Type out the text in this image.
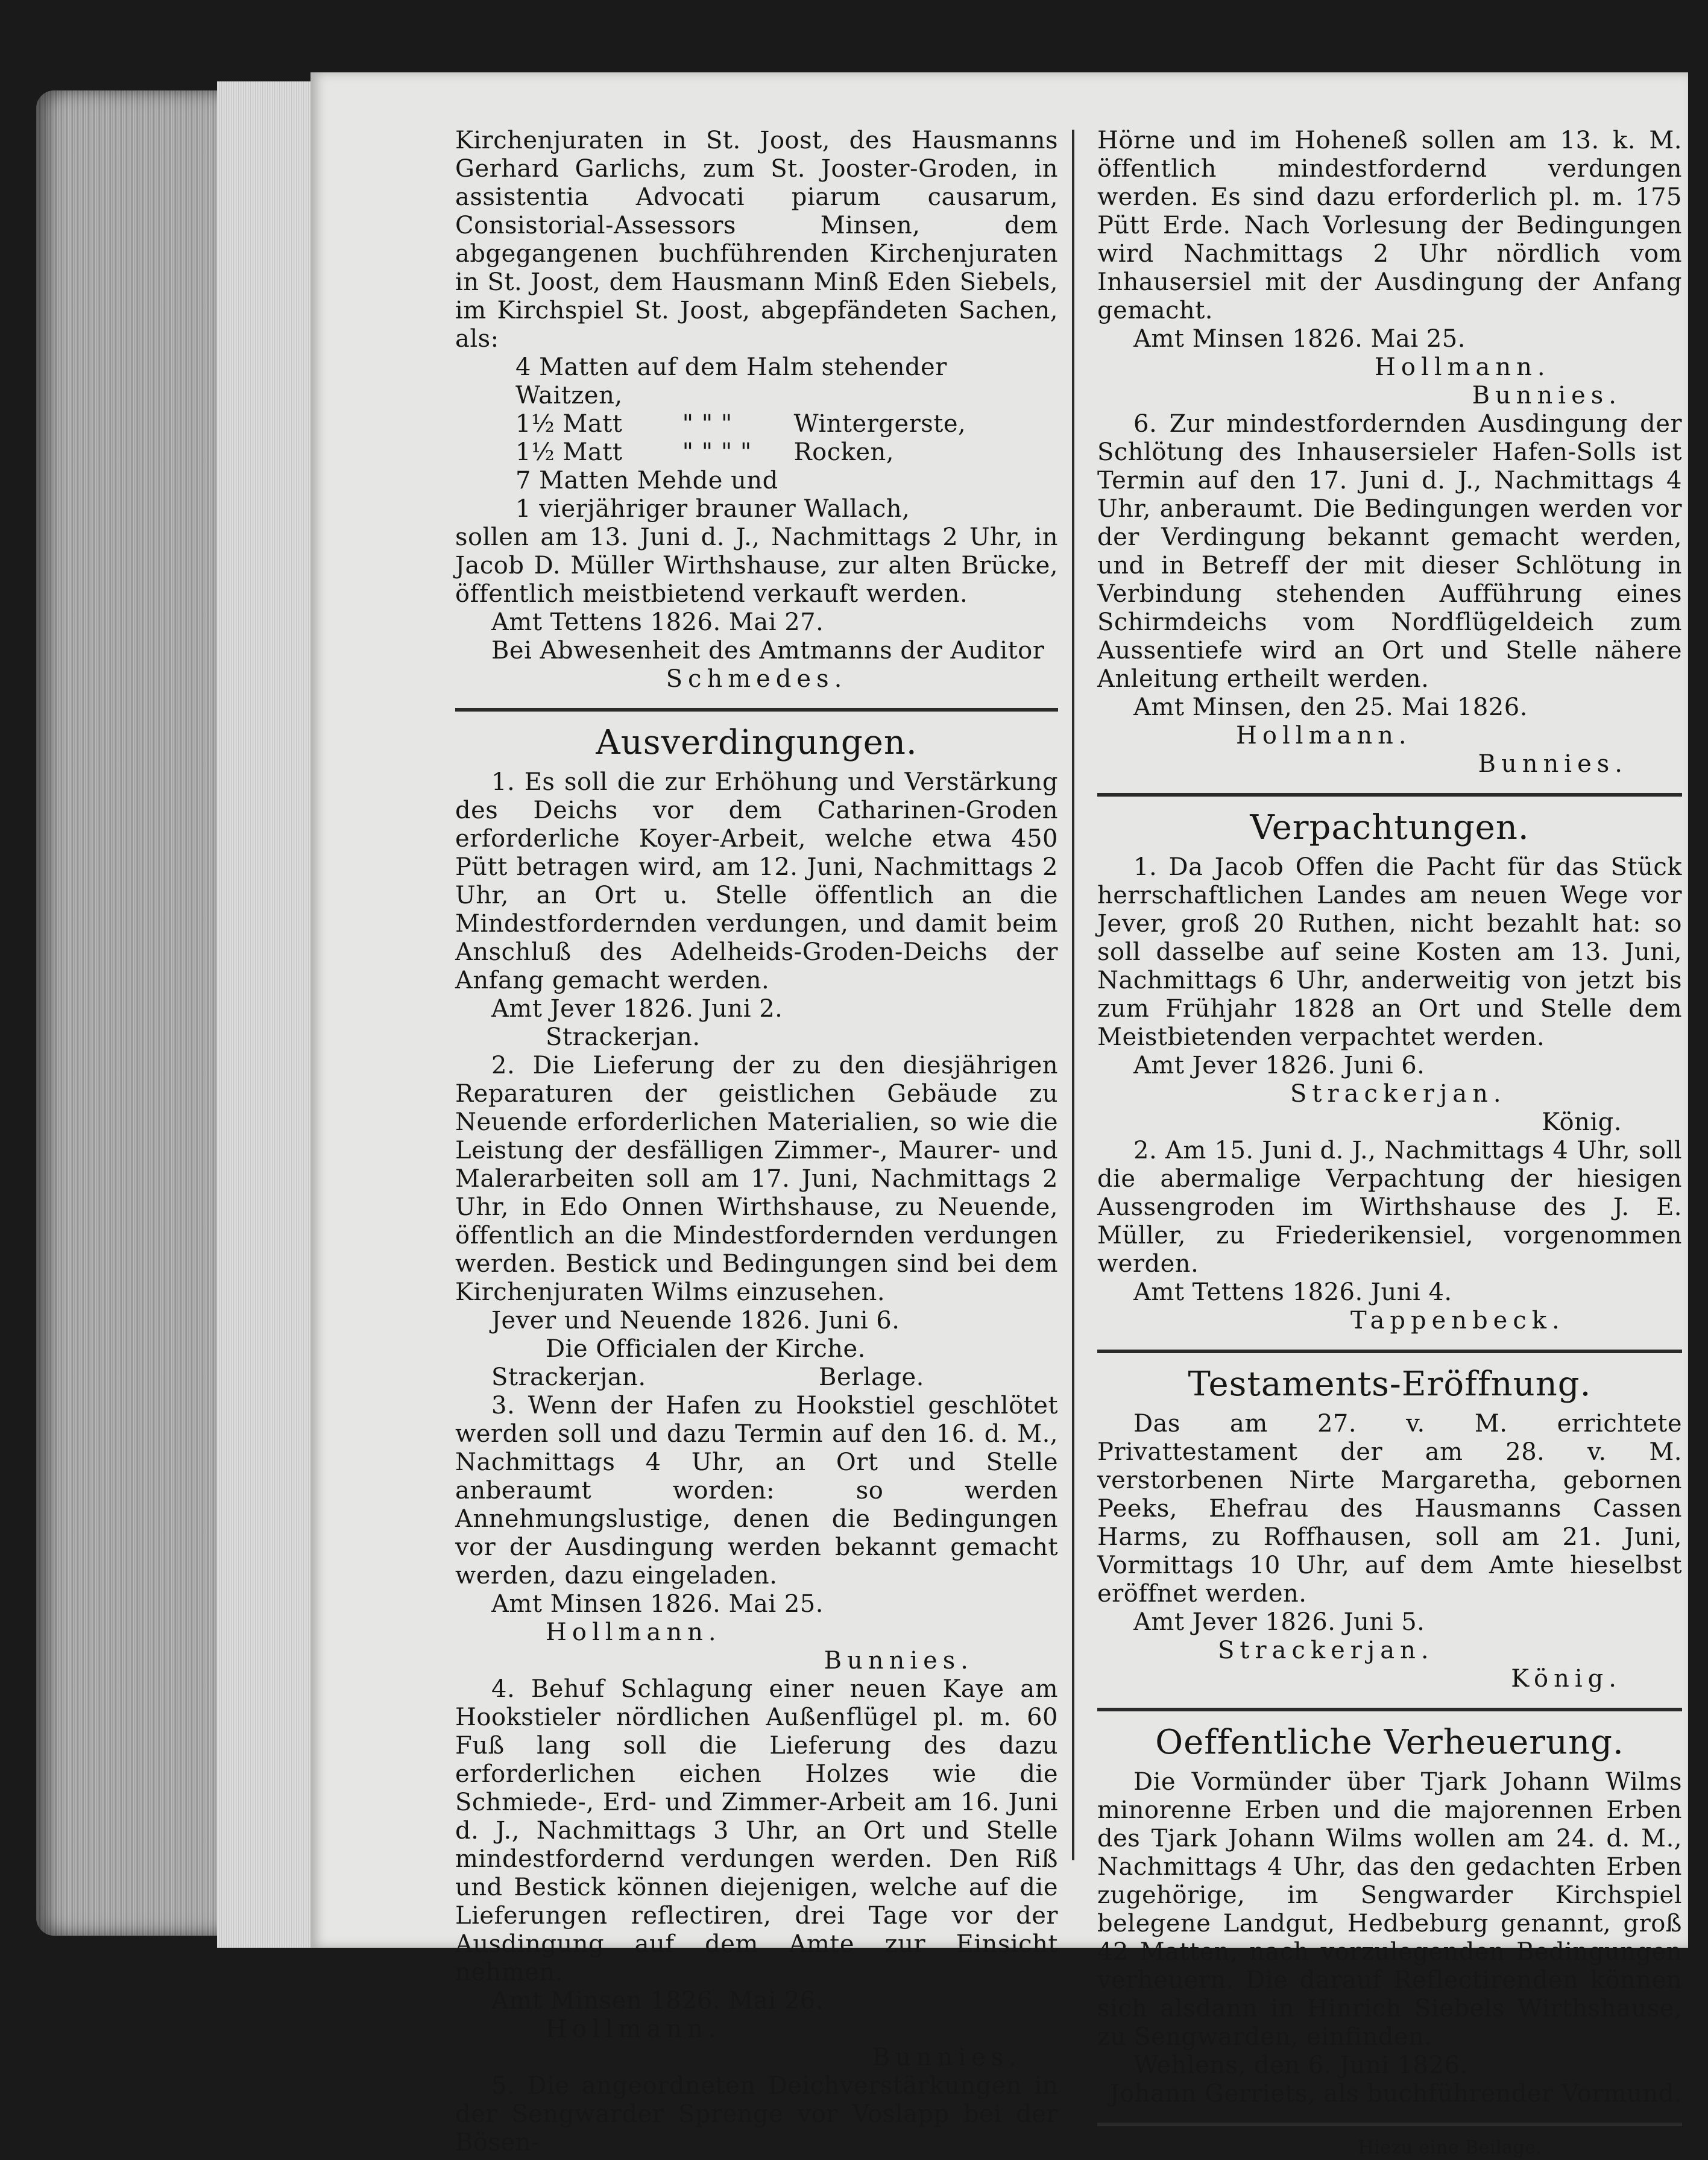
Kirchenjuraten in St. Joost, des Hausmanns Gerhard Garlichs, zum St. Jooster-Groden, in assistentia Advocati piarum causarum, Consistorial-Assessors Minsen, dem abgegangenen buchführenden Kirchenjuraten in St. Joost, dem Hausmann Minß Eden Siebels, im Kirchspiel St. Joost, abgepfändeten Sachen, als:

4 Matten auf dem Halm stehender Waitzen,		
1½ Matt	" " "	Wintergerste,
1½ Matt	" " " "	Rocken,
7 Matten Mehde und		
1 vierjähriger brauner Wallach,		

sollen am 13. Juni d. J., Nachmittags 2 Uhr, in Jacob D. Müller Wirthshause, zur alten Brücke, öffentlich meistbietend verkauft werden.

Amt Tettens 1826. Mai 27.

Bei Abwesenheit des Amtmanns der Auditor

Schmedes.

Ausverdingungen.

1. Es soll die zur Erhöhung und Verstärkung des Deichs vor dem Catharinen-Groden erforderliche Koyer-Arbeit, welche etwa 450 Pütt betragen wird, am 12. Juni, Nachmittags 2 Uhr, an Ort u. Stelle öffentlich an die Mindestfordernden verdungen, und damit beim Anschluß des Adelheids-Groden-Deichs der Anfang gemacht werden.

Amt Jever 1826. Juni 2.

Strackerjan.

2. Die Lieferung der zu den diesjährigen Reparaturen der geistlichen Gebäude zu Neuende erforderlichen Materialien, so wie die Leistung der desfälligen Zimmer-, Maurer- und Malerarbeiten soll am 17. Juni, Nachmittags 2 Uhr, in Edo Onnen Wirthshause, zu Neuende, öffentlich an die Mindestfordernden verdungen werden. Bestick und Bedingungen sind bei dem Kirchenjuraten Wilms einzusehen.

Jever und Neuende 1826. Juni 6.

Die Officialen der Kirche.

Strackerjan.	Berlage.

3. Wenn der Hafen zu Hookstiel geschlötet werden soll und dazu Termin auf den 16. d. M., Nachmittags 4 Uhr, an Ort und Stelle anberaumt worden: so werden Annehmungslustige, denen die Bedingungen vor der Ausdingung werden bekannt gemacht werden, dazu eingeladen.

Amt Minsen 1826. Mai 25.

Hollmann.

Bunnies.

4. Behuf Schlagung einer neuen Kaye am Hookstieler nördlichen Außenflügel pl. m. 60 Fuß lang soll die Lieferung des dazu erforderlichen eichen Holzes wie die Schmiede-, Erd- und Zimmer-Arbeit am 16. Juni d. J., Nachmittags 3 Uhr, an Ort und Stelle mindestfordernd verdungen werden. Den Riß und Bestick können diejenigen, welche auf die Lieferungen reflectiren, drei Tage vor der Ausdingung auf dem Amte zur Einsicht nehmen.

Amt Minsen 1826. Mai 26.

Hollmann.

Bunnies.

5. Die angeordneten Deichverstärkungen in der Sengwarder Sprenge vor Voslapp bei der Bösen-

Hörne und im Hoheneß sollen am 13. k. M. öffentlich mindestfordernd verdungen werden. Es sind dazu erforderlich pl. m. 175 Pütt Erde. Nach Vorlesung der Bedingungen wird Nachmittags 2 Uhr nördlich vom Inhausersiel mit der Ausdingung der Anfang gemacht.

Amt Minsen 1826. Mai 25.

Hollmann.

Bunnies.

6. Zur mindestfordernden Ausdingung der Schlötung des Inhausersieler Hafen-Solls ist Termin auf den 17. Juni d. J., Nachmittags 4 Uhr, anberaumt. Die Bedingungen werden vor der Verdingung bekannt gemacht werden, und in Betreff der mit dieser Schlötung in Verbindung stehenden Aufführung eines Schirmdeichs vom Nordflügeldeich zum Aussentiefe wird an Ort und Stelle nähere Anleitung ertheilt werden.

Amt Minsen, den 25. Mai 1826.

Hollmann.

Bunnies.

Verpachtungen.

1. Da Jacob Offen die Pacht für das Stück herrschaftlichen Landes am neuen Wege vor Jever, groß 20 Ruthen, nicht bezahlt hat: so soll dasselbe auf seine Kosten am 13. Juni, Nachmittags 6 Uhr, anderweitig von jetzt bis zum Frühjahr 1828 an Ort und Stelle dem Meistbietenden verpachtet werden.

Amt Jever 1826. Juni 6.

Strackerjan.

König.

2. Am 15. Juni d. J., Nachmittags 4 Uhr, soll die abermalige Verpachtung der hiesigen Aussengroden im Wirthshause des J. E. Müller, zu Friederikensiel, vorgenommen werden.

Amt Tettens 1826. Juni 4.

Tappenbeck.

Testaments-Eröffnung.

Das am 27. v. M. errichtete Privattestament der am 28. v. M. verstorbenen Nirte Margaretha, gebornen Peeks, Ehefrau des Hausmanns Cassen Harms, zu Roffhausen, soll am 21. Juni, Vormittags 10 Uhr, auf dem Amte hieselbst eröffnet werden.

Amt Jever 1826. Juni 5.

Strackerjan.

König.

Oeffentliche Verheuerung.

Die Vormünder über Tjark Johann Wilms minorenne Erben und die majorennen Erben des Tjark Johann Wilms wollen am 24. d. M., Nachmittags 4 Uhr, das den gedachten Erben zugehörige, im Sengwarder Kirchspiel belegene Landgut, Hedbeburg genannt, groß 42 Matten, nach vorzulegenden Bedingungen verheuern. Die darauf Reflectirenden können sich alsdann in Hinrich Siebels Wirthshause, zu Sengwarden, einfinden.

Wehlens, den 6. Juni 1826.

Johann Gerriets, als buchführender Vormund.

Hiezu eine Beilage.
